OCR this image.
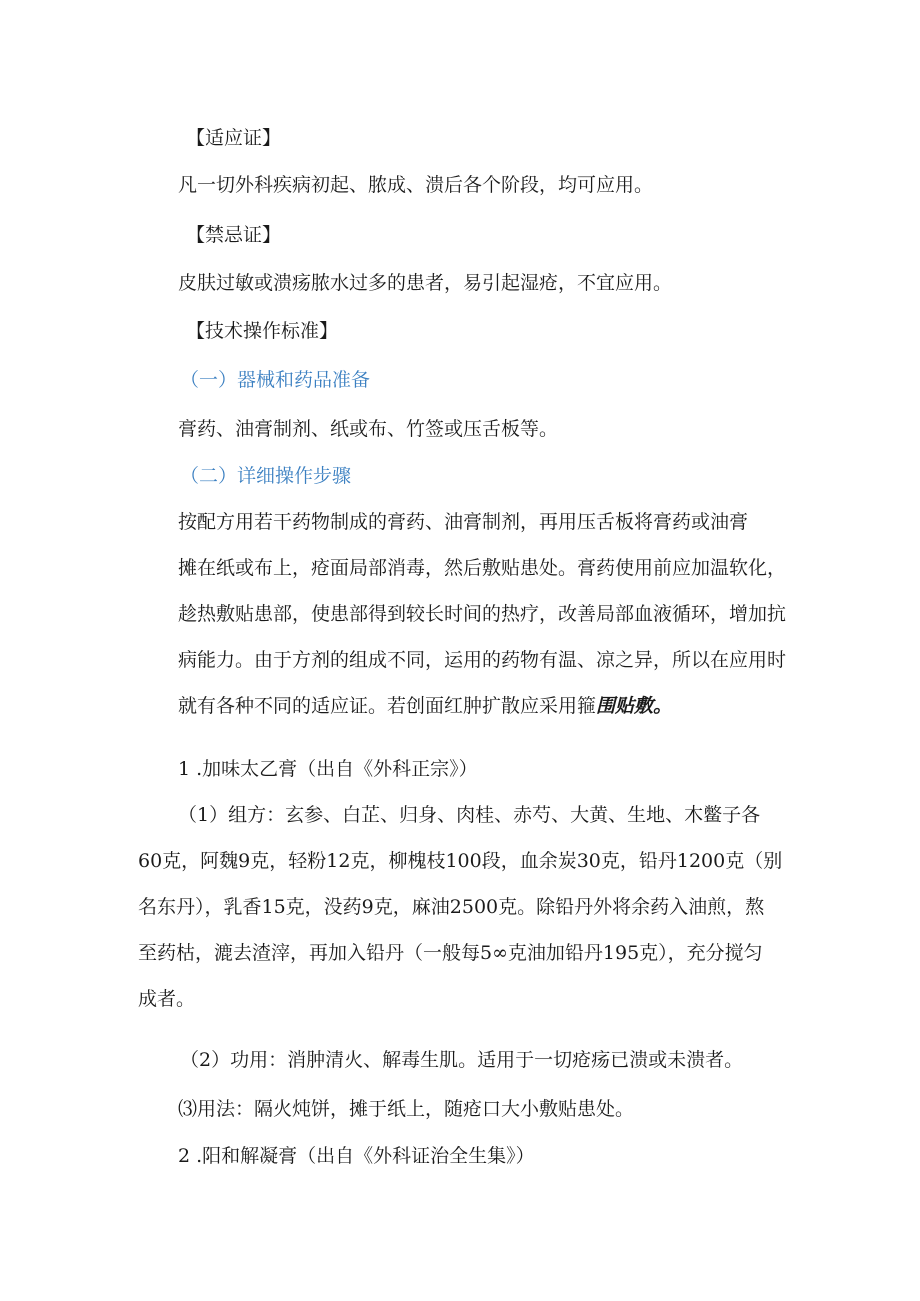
【适应证】
凡一切外科疾病初起、脓成、溃后各个阶段，均可应用。
【禁忌证】
皮肤过敏或溃疡脓水过多的患者，易引起湿疮，不宜应用。
【技术操作标准】
（一）器械和药品准备
膏药、油膏制剂、纸或布、竹签或压舌板等。
（二）详细操作步骤
按配方用若干药物制成的膏药、油膏制剂，再用压舌板将膏药或油膏
摊在纸或布上，疮面局部消毒，然后敷贴患处。膏药使用前应加温软化，
趁热敷贴患部，使患部得到较长时间的热疗，改善局部血液循环，增加抗
病能力。由于方剂的组成不同，运用的药物有温、凉之异，所以在应用时
就有各种不同的适应证。若创面红肿扩散应采用箍围贴敷。
1 .加味太乙膏（出自《外科正宗》）
（1）组方：玄参、白芷、归身、肉桂、赤芍、大黄、生地、木鳖子各
60克，阿魏9克，轻粉12克，柳槐枝100段，血余炭30克，铅丹1200克（别
名东丹），乳香15克，没药9克，麻油2500克。除铅丹外将余药入油煎，熬
至药枯，漉去渣滓，再加入铅丹（一般每5∞克油加铅丹195克），充分搅匀
成者。
（2）功用：消肿清火、解毒生肌。适用于一切疮疡已溃或未溃者。
⑶用法：隔火炖饼，摊于纸上，随疮口大小敷贴患处。
2 .阳和解凝膏（出自《外科证治全生集》）
